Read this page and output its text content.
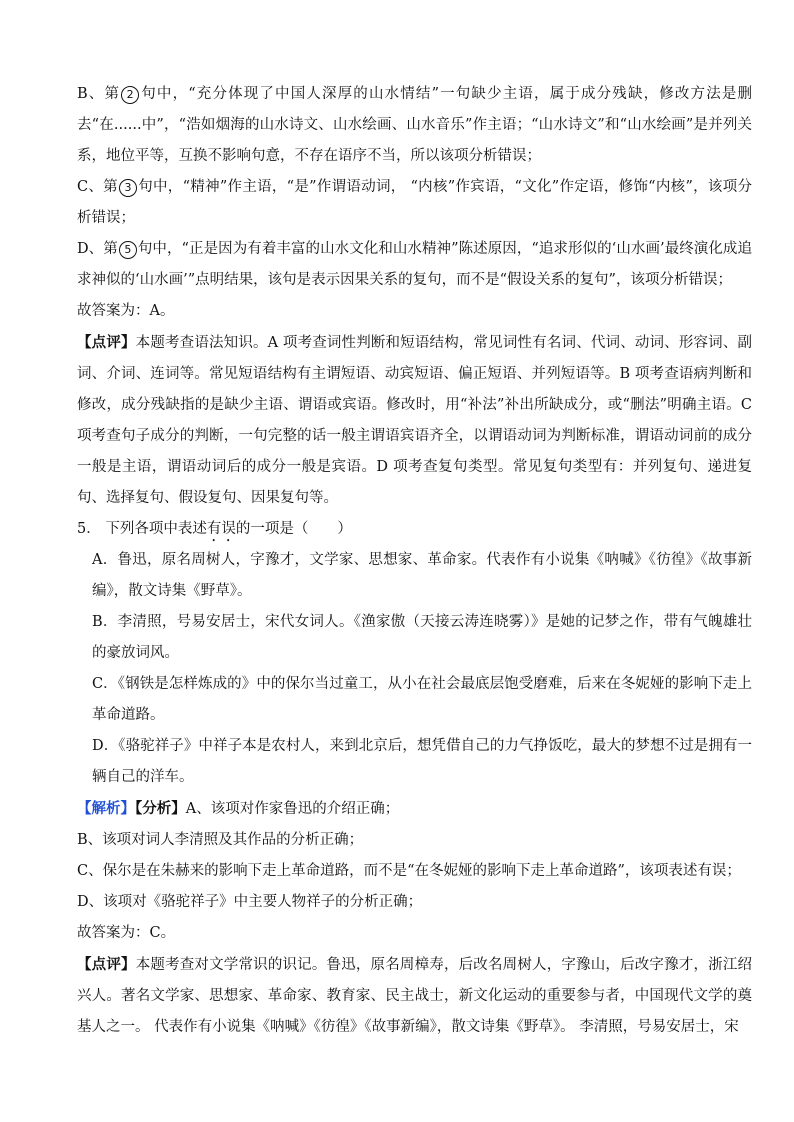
B、第 2 句中，“充分体现了中国人深厚的山水情结”一句缺少主语，属于成分残缺，修改方法是删去“在......中”，“浩如烟海的山水诗文、山水绘画、山水音乐”作主语；“山水诗文”和“山水绘画”是并列关系，地位平等，互换不影响句意，不存在语序不当，所以该项分析错误；

C、第 3 句中，“精神”作主语，“是”作谓语动词， “内核”作宾语，“文化”作定语，修饰“内核”，该项分析错误；

D、第 5 句中，“正是因为有着丰富的山水文化和山水精神”陈述原因，“追求形似的‘山水画’最终演化成追求神似的‘山水画’”点明结果，该句是表示因果关系的复句，而不是“假设关系的复句”，该项分析错误；

故答案为：A。

【点评】本题考查语法知识。A 项考查词性判断和短语结构，常见词性有名词、代词、动词、形容词、副词、介词、连词等。常见短语结构有主谓短语、动宾短语、偏正短语、并列短语等。B 项考查语病判断和修改，成分残缺指的是缺少主语、谓语或宾语。修改时，用“补法”补出所缺成分，或“删法”明确主语。C 项考查句子成分的判断，一句完整的话一般主谓语宾语齐全，以谓语动词为判断标准，谓语动词前的成分一般是主语，谓语动词后的成分一般是宾语。D 项考查复句类型。常见复句类型有：并列复句、递进复句、选择复句、假设复句、因果复句等。

5． 下列各项中表述有误的一项是（　　）

A．鲁迅，原名周树人，字豫才，文学家、思想家、革命家。代表作有小说集《呐喊》《彷徨》《故事新编》，散文诗集《野草》。

B．李清照，号易安居士，宋代女词人。《渔家傲（天接云涛连晓雾）》是她的记梦之作，带有气魄雄壮的豪放词风。

C．《钢铁是怎样炼成的》中的保尔当过童工，从小在社会最底层饱受磨难，后来在冬妮娅的影响下走上革命道路。

D．《骆驼祥子》中祥子本是农村人，来到北京后，想凭借自己的力气挣饭吃，最大的梦想不过是拥有一辆自己的洋车。

【解析】【分析】A、该项对作家鲁迅的介绍正确；

B、该项对词人李清照及其作品的分析正确；

C、保尔是在朱赫来的影响下走上革命道路，而不是“在冬妮娅的影响下走上革命道路”，该项表述有误；

D、该项对《骆驼祥子》中主要人物祥子的分析正确；

故答案为：C。

【点评】本题考查对文学常识的识记。鲁迅，原名周樟寿，后改名周树人，字豫山，后改字豫才，浙江绍兴人。著名文学家、思想家、革命家、教育家、民主战士，新文化运动的重要参与者，中国现代文学的奠基人之一。 代表作有小说集《呐喊》《彷徨》《故事新编》，散文诗集《野草》。 李清照，号易安居士，宋
